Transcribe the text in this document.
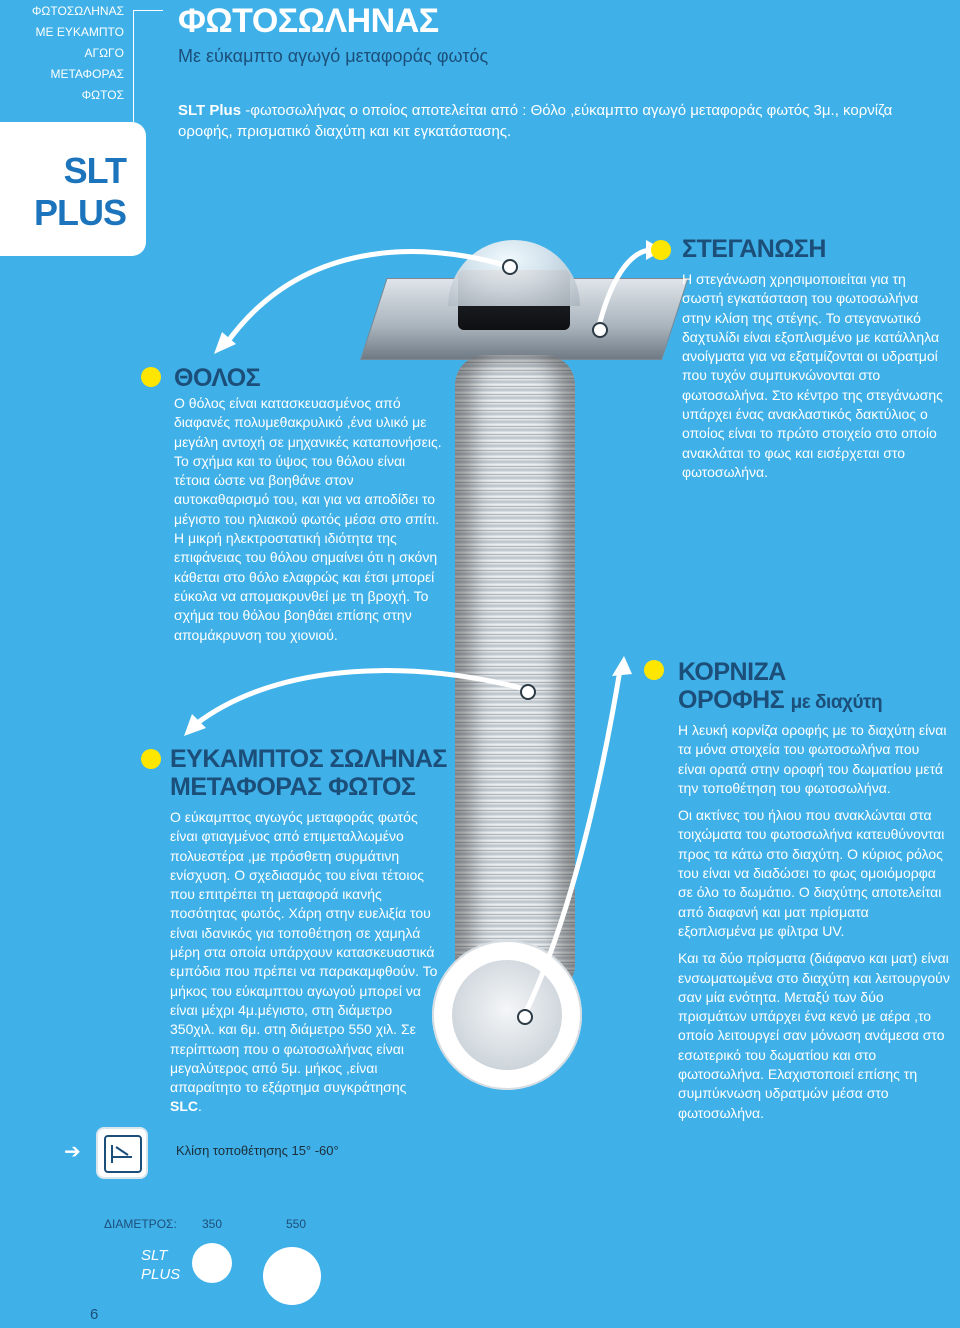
ΦΩΤΟΣΩΛΗΝΑΣ
ΜΕ ΕΥΚΑΜΠΤΟ
ΑΓΩΓΟ
ΜΕΤΑΦΟΡΑΣ
ΦΩΤΟΣ
SLT
PLUS
ΦΩΤΟΣΩΛΗΝΑΣ
Με εύκαμπτο αγωγό μεταφοράς φωτός
SLT Plus -φωτοσωλήνας ο οποίος αποτελείται από : Θόλο ,εύκαμπτο αγωγό μεταφοράς φωτός 3μ., κορνίζα οροφής, πρισματικό διαχύτη και κιτ εγκατάστασης.
ΘΟΛΟΣ
Ο θόλος είναι κατασκευασμένος από διαφανές πολυμεθακρυλικό ,ένα υλικό με μεγάλη αντοχή σε μηχανικές καταπονήσεις. Το σχήμα και το ύψος του θόλου είναι τέτοια ώστε να βοηθάνε στον αυτοκαθαρισμό του, και για να αποδίδει το μέγιστο του ηλιακού φωτός μέσα στο σπίτι. Η μικρή ηλεκτροστατική ιδιότητα της επιφάνειας του θόλου σημαίνει ότι η σκόνη κάθεται στο θόλο ελαφρώς και έτσι μπορεί εύκολα να απομακρυνθεί με τη βροχή. Το σχήμα του θόλου βοηθάει επίσης στην απομάκρυνση του χιονιού.
ΕΥΚΑΜΠΤΟΣ ΣΩΛΗΝΑΣ
ΜΕΤΑΦΟΡΑΣ ΦΩΤΟΣ
Ο εύκαμπτος αγωγός μεταφοράς φωτός είναι φτιαγμένος από επιμεταλλωμένο πολυεστέρα ,με πρόσθετη συρμάτινη ενίσχυση. Ο σχεδιασμός του είναι τέτοιος που επιτρέπει τη μεταφορά ικανής ποσότητας φωτός. Χάρη στην ευελιξία του είναι ιδανικός για τοποθέτηση σε χαμηλά μέρη στα οποία υπάρχουν κατασκευαστικά εμπόδια που πρέπει να παρακαμφθούν. Το μήκος του εύκαμπτου αγωγού μπορεί να είναι μέχρι 4μ.μέγιστο, στη διάμετρο 350χιλ. και 6μ. στη διάμετρο 550 χιλ. Σε περίπτωση που ο φωτοσωλήνας είναι μεγαλύτερος από 5μ. μήκος ,είναι απαραίτητο το εξάρτημα συγκράτησης SLC.
ΣΤΕΓΑΝΩΣΗ
Η στεγάνωση χρησιμοποιείται για τη σωστή εγκατάσταση του φωτοσωλήνα στην κλίση της στέγης. Το στεγανωτικό δαχτυλίδι είναι εξοπλισμένο με κατάλληλα ανοίγματα για να εξατμίζονται οι υδρατμοί που τυχόν συμπυκνώνονται στο φωτοσωλήνα. Στο κέντρο της στεγάνωσης υπάρχει ένας ανακλαστικός δακτύλιος ο οποίος είναι το πρώτο στοιχείο στο οποίο ανακλάται το φως και εισέρχεται στο φωτοσωλήνα.
ΚΟΡΝΙΖΑ
ΟΡΟΦΗΣ με διαχύτη

Η λευκή κορνίζα οροφής με το διαχύτη είναι τα μόνα στοιχεία του φωτοσωλήνα που είναι ορατά στην οροφή του δωματίου μετά την τοποθέτηση του φωτοσωλήνα.

Οι ακτίνες του ήλιου που ανακλώνται στα τοιχώματα του φωτοσωλήνα κατευθύνονται προς τα κάτω στο διαχύτη. Ο κύριος ρόλος του είναι να διαδώσει το φως ομοιόμορφα σε όλο το δωμάτιο. Ο διαχύτης αποτελείται από διαφανή και ματ πρίσματα εξοπλισμένα με φίλτρα UV.

Και τα δύο πρίσματα (διάφανο και ματ) είναι ενσωματωμένα στο διαχύτη και λειτουργούν σαν μία ενότητα. Μεταξύ των δύο πρισμάτων υπάρχει ένα κενό με αέρα ,το οποίο λειτουργεί σαν μόνωση ανάμεσα στο εσωτερικό του δωματίου και στο φωτοσωλήνα. Ελαχιστοποιεί επίσης τη συμπύκνωση υδρατμών μέσα στο φωτοσωλήνα.

➔	Κλίση τοποθέτησης 15° -60°
ΔΙΑΜΕΤΡΟΣ: 350	550
SLT
PLUS
6
